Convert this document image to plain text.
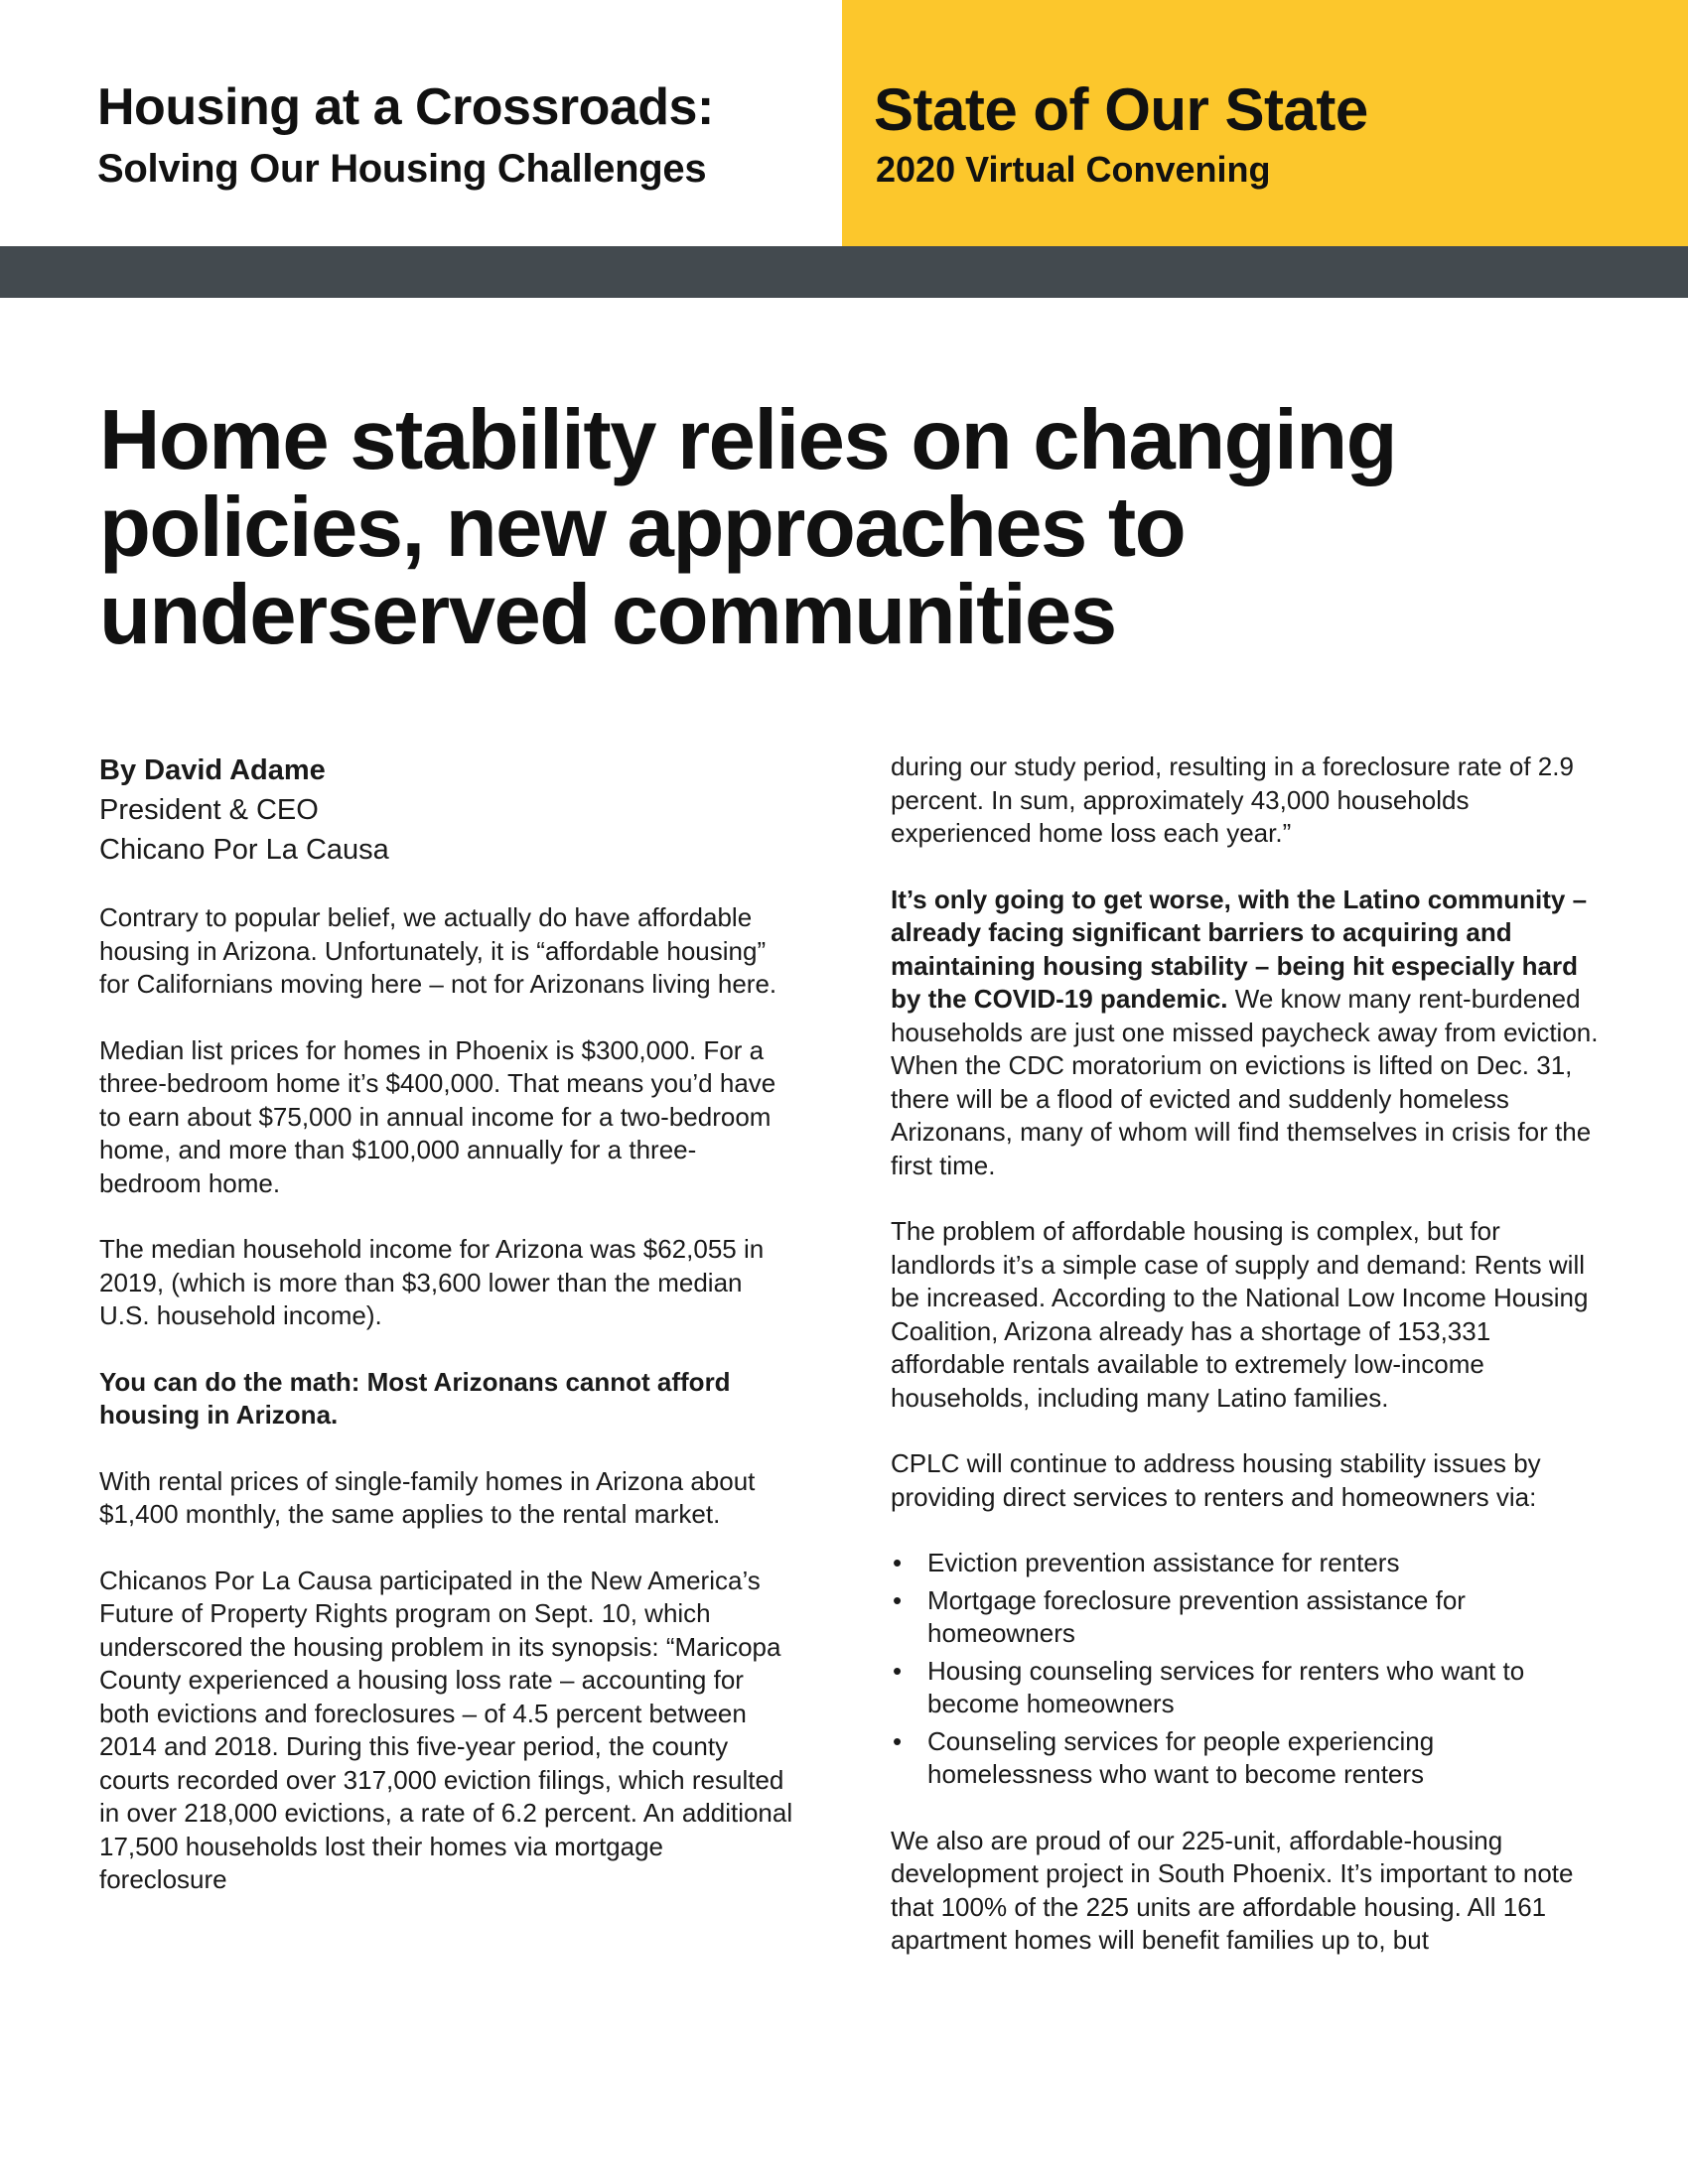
Housing at a Crossroads:
Solving Our Housing Challenges
State of Our State
2020 Virtual Convening
Home stability relies on changing policies, new approaches to underserved communities
By David Adame
President & CEO
Chicano Por La Causa

Contrary to popular belief, we actually do have affordable housing in Arizona. Unfortunately, it is “affordable housing” for Californians moving here – not for Arizonans living here.

Median list prices for homes in Phoenix is $300,000. For a three-bedroom home it’s $400,000. That means you’d have to earn about $75,000 in annual income for a two-bedroom home, and more than $100,000 annually for a three-bedroom home.

The median household income for Arizona was $62,055 in 2019, (which is more than $3,600 lower than the median U.S. household income).

You can do the math: Most Arizonans cannot afford housing in Arizona.

With rental prices of single-family homes in Arizona about $1,400 monthly, the same applies to the rental market.

Chicanos Por La Causa participated in the New America’s Future of Property Rights program on Sept. 10, which underscored the housing problem in its synopsis: “Maricopa County experienced a housing loss rate – accounting for both evictions and foreclosures – of 4.5 percent between 2014 and 2018. During this five-year period, the county courts recorded over 317,000 eviction filings, which resulted in over 218,000 evictions, a rate of 6.2 percent. An additional 17,500 households lost their homes via mortgage foreclosure

during our study period, resulting in a foreclosure rate of 2.9 percent. In sum, approximately 43,000 households experienced home loss each year.”

It’s only going to get worse, with the Latino community – already facing significant barriers to acquiring and maintaining housing stability – being hit especially hard by the COVID-19 pandemic. We know many rent-burdened households are just one missed paycheck away from eviction. When the CDC moratorium on evictions is lifted on Dec. 31, there will be a flood of evicted and suddenly homeless Arizonans, many of whom will find themselves in crisis for the first time.

The problem of affordable housing is complex, but for landlords it’s a simple case of supply and demand: Rents will be increased. According to the National Low Income Housing Coalition, Arizona already has a shortage of 153,331 affordable rentals available to extremely low-income households, including many Latino families.

CPLC will continue to address housing stability issues by providing direct services to renters and homeowners via:

• Eviction prevention assistance for renters
• Mortgage foreclosure prevention assistance for homeowners
• Housing counseling services for renters who want to become homeowners
• Counseling services for people experiencing homelessness who want to become renters

We also are proud of our 225-unit, affordable-housing development project in South Phoenix. It’s important to note that 100% of the 225 units are affordable housing. All 161 apartment homes will benefit families up to, but
